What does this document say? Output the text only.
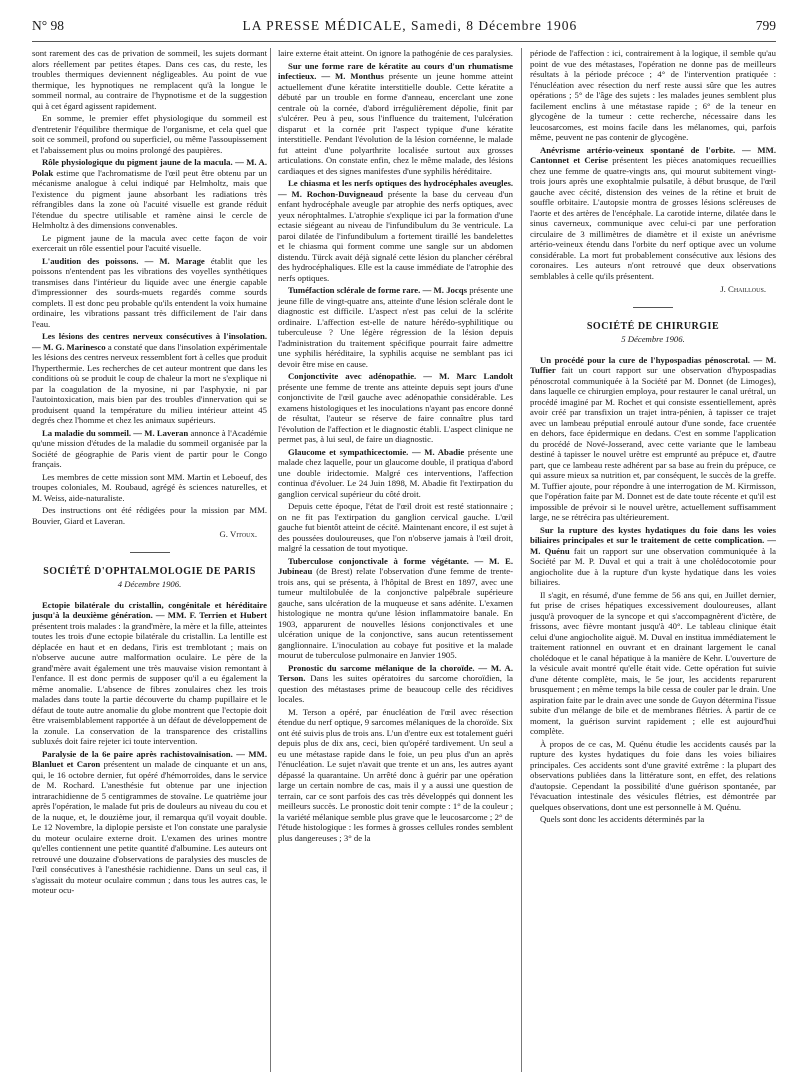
N° 98	LA PRESSE MÉDICALE, Samedi, 8 Décembre 1906	799

sont rarement des cas de privation de sommeil, les sujets dormant alors réellement par petites étapes. Dans ces cas, du reste, les troubles thermiques deviennent négligeables. Au point de vue thermique, les hypnotiques ne remplacent qu'à la longue le sommeil normal, au contraire de l'hypnotisme et de la suggestion qui à cet égard agissent rapidement.

En somme, le premier effet physiologique du sommeil est d'entretenir l'équilibre thermique de l'organisme, et cela quel que soit ce sommeil, profond ou superficiel, ou même l'assoupissement et l'abaissement plus ou moins prolongé des paupières.

Rôle physiologique du pigment jaune de la macula. — M. A. Polak estime que l'achromatisme de l'œil peut être obtenu par un mécanisme analogue à celui indiqué par Helmholtz, mais que l'existence du pigment jaune absorbant les radiations très réfrangibles dans la zone où l'acuité visuelle est grande réduit l'étendue du spectre utilisable et ramène ainsi le cercle de Helmholtz à des dimensions convenables.

Le pigment jaune de la macula avec cette façon de voir exercerait un rôle essentiel pour l'acuité visuelle.

L'audition des poissons. — M. Marage établit que les poissons n'entendent pas les vibrations des voyelles synthétiques transmises dans l'intérieur du liquide avec une énergie capable d'impressionner des sourds-muets regardés comme sourds complets. Il est donc peu probable qu'ils entendent la voix humaine ordinaire, les vibrations passant très difficilement de l'air dans l'eau.

Les lésions des centres nerveux consécutives à l'insolation. — M. G. Marinesco a constaté que dans l'insolation expérimentale les lésions des centres nerveux ressemblent fort à celles que produit l'hyperthermie. Les recherches de cet auteur montrent que dans les conditions où se produit le coup de chaleur la mort ne s'explique ni par la coagulation de la myosine, ni par l'asphyxie, ni par l'autointoxication, mais bien par des troubles d'innervation qui se produisent quand la température du milieu intérieur atteint 45 degrés chez l'homme et chez les animaux supérieurs.

La maladie du sommeil. — M. Laveran annonce à l'Académie qu'une mission d'études de la maladie du sommeil organisée par la Société de géographie de Paris vient de partir pour le Congo français.

Les membres de cette mission sont MM. Martin et Leboeuf, des troupes coloniales, M. Roubaud, agrégé ès sciences naturelles, et M. Weiss, aide-naturaliste.

Des instructions ont été rédigées pour la mission par MM. Bouvier, Giard et Laveran.

G. Vitoux.
SOCIÉTÉ D'OPHTALMOLOGIE DE PARIS
4 Décembre 1906.

Ectopie bilatérale du cristallin, congénitale et héréditaire jusqu'à la deuxième génération. — MM. F. Terrien et Hubert présentent trois malades : la grand'mère, la mère et la fille, atteintes toutes les trois d'une ectopie bilatérale du cristallin. La lentille est déplacée en haut et en dedans, l'iris est tremblotant ; mais on n'observe aucune autre malformation oculaire. Le père de la grand'mère avait également une très mauvaise vision remontant à l'enfance. Il est donc permis de supposer qu'il a eu également la même anomalie. L'absence de fibres zonulaires chez les trois malades dans toute la partie découverte du champ pupillaire et le défaut de toute autre anomalie du globe montrent que l'ectopie doit être vraisemblablement rapportée à un défaut de développement de la zonule. La conservation de la transparence des cristallins subluxés doit faire rejeter ici toute intervention.

Paralysie de la 6e paire après rachistovaïnisation. — MM. Blanluet et Caron présentent un malade de cinquante et un ans, qui, le 16 octobre dernier, fut opéré d'hémorroïdes, dans le service de M. Rochard. L'anesthésie fut obtenue par une injection intrarachidienne de 5 centigrammes de stovaïne. Le quatrième jour après l'opération, le malade fut pris de douleurs au niveau du cou et de la nuque, et, le douzième jour, il remarqua qu'il voyait double. Le 12 Novembre, la diplopie persiste et l'on constate une paralysie du moteur oculaire externe droit. L'examen des urines montre qu'elles contiennent une petite quantité d'albumine. Les auteurs ont retrouvé une douzaine d'observations de paralysies des muscles de l'œil consécutives à l'anesthésie rachidienne. Dans un seul cas, il s'agissait du moteur oculaire commun ; dans tous les autres cas, le moteur ocu-

laire externe était atteint. On ignore la pathogénie de ces paralysies.

Sur une forme rare de kératite au cours d'un rhumatisme infectieux. — M. Monthus présente un jeune homme atteint actuellement d'une kératite interstitielle double. Cette kératite a débuté par un trouble en forme d'anneau, encerclant une zone centrale où la cornée, d'abord irrégulièrement dépolie, finit par s'ulcérer. Peu à peu, sous l'influence du traitement, l'ulcération disparut et la cornée prit l'aspect typique d'une kératite interstitielle. Pendant l'évolution de la lésion cornéenne, le malade fut atteint d'une polyarthrite localisée surtout aux grosses articulations. On constate enfin, chez le même malade, des lésions cardiaques et des signes manifestes d'une syphilis héréditaire.

Le chiasma et les nerfs optiques des hydrocéphales aveugles. — M. Rochon-Duvigneaud présente la base du cerveau d'un enfant hydrocéphale aveugle par atrophie des nerfs optiques, avec yeux nérophtalmes. L'atrophie s'explique ici par la formation d'une ectasie siégeant au niveau de l'infundibulum du 3e ventricule. La paroi dilatée de l'infundibulum a fortement tiraillé les bandelettes et le chiasma qui forment comme une sangle sur un abdomen distendu. Türck avait déjà signalé cette lésion du plancher cérébral des hydrocéphaliques. Elle est la cause immédiate de l'atrophie des nerfs optiques.

Tuméfaction sclérale de forme rare. — M. Jocqs présente une jeune fille de vingt-quatre ans, atteinte d'une lésion sclérale dont le diagnostic est difficile. L'aspect n'est pas celui de la sclérite ordinaire. L'affection est-elle de nature hérédo-syphilitique ou tuberculeuse ? Une légère régression de la lésion depuis l'administration du traitement spécifique pourrait faire admettre une syphilis héréditaire, la syphilis acquise ne semblant pas ici devoir être mise en cause.

Conjonctivite avec adénopathie. — M. Marc Landolt présente une femme de trente ans atteinte depuis sept jours d'une conjonctivite de l'œil gauche avec adénopathie considérable. Les examens histologiques et les inoculations n'ayant pas encore donné de résultat, l'auteur se réserve de faire connaître plus tard l'évolution de l'affection et le diagnostic établi. L'aspect clinique ne permet pas, à lui seul, de faire un diagnostic.

Glaucome et sympathicectomie. — M. Abadie présente une malade chez laquelle, pour un glaucome double, il pratiqua d'abord une double iridectomie. Malgré ces interventions, l'affection continua d'évoluer. Le 24 Juin 1898, M. Abadie fit l'extirpation du ganglion cervical supérieur du côté droit.

Depuis cette époque, l'état de l'œil droit est resté stationnaire ; on ne fit pas l'extirpation du ganglion cervical gauche. L'œil gauche fut bientôt atteint de cécité. Maintenant encore, il est sujet à des poussées douloureuses, que l'on n'observe jamais à l'œil droit, malgré la cessation de tout myotique.

Tuberculose conjonctivale à forme végétante. — M. E. Jubineau (de Brest) relate l'observation d'une femme de trente-trois ans, qui se présenta, à l'hôpital de Brest en 1897, avec une tumeur multilobulée de la conjonctive palpébrale supérieure gauche, sans ulcération de la muqueuse et sans adénite. L'examen histologique ne montra qu'une lésion inflammatoire banale. En 1903, apparurent de nouvelles lésions conjonctivales et une ulcération unique de la conjonctive, sans aucun retentissement ganglionnaire. L'inoculation au cobaye fut positive et la malade mourut de tuberculose pulmonaire en Janvier 1905.

Pronostic du sarcome mélanique de la choroïde. — M. A. Terson. Dans les suites opératoires du sarcome choroïdien, la question des métastases prime de beaucoup celle des récidives locales.

M. Terson a opéré, par énucléation de l'œil avec résection étendue du nerf optique, 9 sarcomes mélaniques de la choroïde. Six ont été suivis plus de trois ans. L'un d'entre eux est totalement guéri depuis plus de dix ans, ceci, bien qu'opéré tardivement. Un seul a eu une métastase rapide dans le foie, un peu plus d'un an après l'énucléation. Le sujet n'avait que trente et un ans, les autres ayant dépassé la quarantaine. Un arrêté donc à guérir par une opération large un certain nombre de cas, mais il y a aussi une question de terrain, car ce sont parfois des cas très développés qui donnent les meilleurs succès. Le pronostic doit tenir compte : 1° de la couleur ; la variété mélanique semble plus grave que le leucosarcome ; 2° de l'étude histologique : les formes à grosses cellules rondes semblent plus dangereuses ; 3° de la

période de l'affection : ici, contrairement à la logique, il semble qu'au point de vue des métastases, l'opération ne donne pas de meilleurs résultats à la période précoce ; 4° de l'intervention pratiquée : l'énucléation avec résection du nerf reste aussi sûre que les autres opérations ; 5° de l'âge des sujets : les malades jeunes semblent plus facilement enclins à une métastase rapide ; 6° de la teneur en glycogène de la tumeur : cette recherche, nécessaire dans les leucosarcomes, est moins facile dans les mélanomes, qui, parfois même, peuvent ne pas contenir de glycogène.

Anévrisme artério-veineux spontané de l'orbite. — MM. Cantonnet et Cerise présentent les pièces anatomiques recueillies chez une femme de quatre-vingts ans, qui mourut subitement vingt-trois jours après une exophtalmie pulsatile, à début brusque, de l'œil gauche avec cécité, distension des veines de la rétine et bruit de souffle orbitaire. L'autopsie montra de grosses lésions scléreuses de l'aorte et des artères de l'encéphale. La carotide interne, dilatée dans le sinus caverneux, communique avec celui-ci par une perforation circulaire de 3 millimètres de diamètre et il existe un anévrisme artério-veineux étendu dans l'orbite du nerf optique avec un volume considérable. La mort fut probablement consécutive aux lésions des coronaires. Les auteurs n'ont retrouvé que deux observations semblables à celle qu'ils présentent.

J. Chaillous.
SOCIÉTÉ DE CHIRURGIE
5 Décembre 1906.

Un procédé pour la cure de l'hypospadias pénoscrotal. — M. Tuffier fait un court rapport sur une observation d'hypospadias pénoscrotal communiquée à la Société par M. Donnet (de Limoges), dans laquelle ce chirurgien employa, pour restaurer le canal urétral, un procédé imaginé par M. Rochet et qui consiste essentiellement, après avoir créé par transfixion un trajet intra-pénien, à tapisser ce trajet avec un lambeau préputial enroulé autour d'une sonde, face cruentée en dehors, face épidermique en dedans. C'est en somme l'application du procédé de Nové-Josserand, avec cette variante que le lambeau destiné à tapisser le nouvel urètre est emprunté au prépuce et, d'autre part, que ce lambeau reste adhérent par sa base au frein du prépuce, ce qui assure mieux sa nutrition et, par conséquent, le succès de la greffe. M. Tuffier ajoute, pour répondre à une interrogation de M. Kirmisson, que l'opération faite par M. Donnet est de date toute récente et qu'il est impossible de prévoir si le nouvel urètre, actuellement suffisamment large, ne se rétrécira pas ultérieurement.

Sur la rupture des kystes hydatiques du foie dans les voies biliaires principales et sur le traitement de cette complication. — M. Quénu fait un rapport sur une observation communiquée à la Société par M. P. Duval et qui a trait à une cholédocotomie pour angiocholite due à la rupture d'un kyste hydatique dans les voies biliaires.

Il s'agit, en résumé, d'une femme de 56 ans qui, en Juillet dernier, fut prise de crises hépatiques excessivement douloureuses, allant jusqu'à provoquer de la syncope et qui s'accompagnèrent d'ictère, de frissons, avec fièvre montant jusqu'à 40°. Le tableau clinique était celui d'une angiocholite aiguë. M. Duval en institua immédiatement le traitement rationnel en ouvrant et en drainant largement le canal cholédoque et le canal hépatique à la manière de Kehr. L'ouverture de la vésicule avait montré qu'elle était vide. Cette opération fut suivie d'une détente complète, mais, le 5e jour, les accidents reparurent brusquement ; en même temps la bile cessa de couler par le drain. Une aspiration faite par le drain avec une sonde de Guyon détermina l'issue subite d'un mélange de bile et de membranes flétries. À partir de ce moment, la guérison survint rapidement ; elle est aujourd'hui complète.

À propos de ce cas, M. Quénu étudie les accidents causés par la rupture des kystes hydatiques du foie dans les voies biliaires principales. Ces accidents sont d'une gravité extrême : la plupart des observations publiées dans la littérature sont, en effet, des relations d'autopsie. Cependant la possibilité d'une guérison spontanée, par l'évacuation intestinale des vésicules flétries, est démontrée par quelques observations, dont une est personnelle à M. Quénu.

Quels sont donc les accidents déterminés par la
